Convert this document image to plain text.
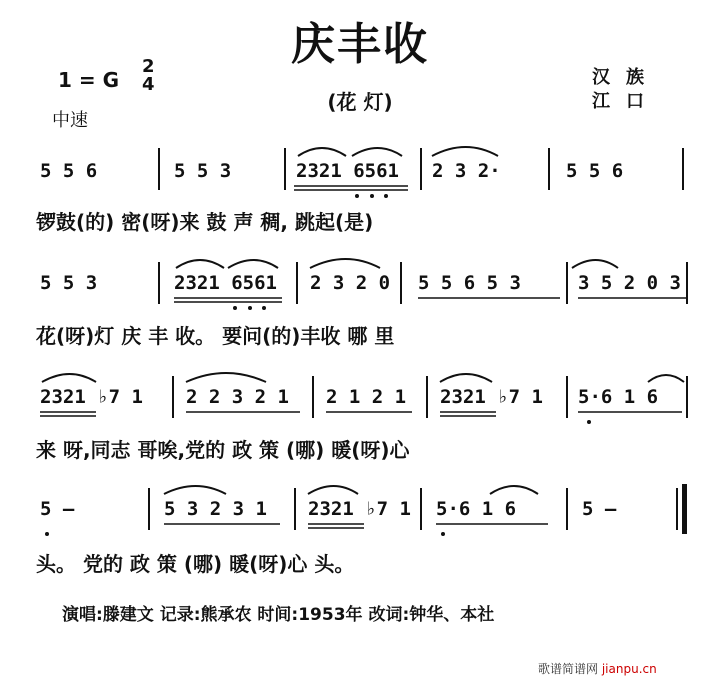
庆丰收
(花 灯)
1 = G
2
4
中速
汉族
江口
5 5 6	5 5 3	2321 6561 2 3 2·	5 5 6
锣鼓(的) 密(呀)来 鼓 声 稠, 跳起(是)
5 5 3	2321 6561 2 3 2 0 5 5 6 5 3	3 5 2 0 3
花(呀)灯 庆 丰 收。 要问(的)丰收 哪 里
2321 ♭7 1 2 2 3 2 1 2 1 2 1 2321 ♭7 1 5·6 1 6
来 呀,同志 哥唉,党的 政 策 (哪) 暖(呀)心
5 —	5 3 2 3 1 2321 ♭7 1 5·6 1 6	5 —
头。 党的 政 策 (哪) 暖(呀)心 头。
演唱:滕建文 记录:熊承农 时间:1953年 改词:钟华、本社
歌谱简谱网 jianpu.cn
